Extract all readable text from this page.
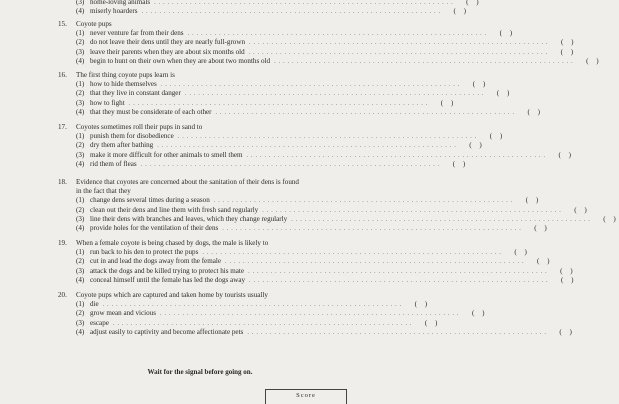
(3) home-loving animals ...................................................................	( )
(4) miserly hoarders ...................................................................	( )
15. Coyote pups
(1) never venture far from their dens ...................................................................	( )
(2) do not leave their dens until they are nearly full-grown ...................................................................	( )
(3) leave their parents when they are about six months old ...................................................................	( )
(4) begin to hunt on their own when they are about two months old ...................................................................	( )
16. The first thing coyote pups learn is
(1) how to hide themselves ...................................................................	( )
(2) that they live in constant danger ...................................................................	( )
(3) how to fight ...................................................................	( )
(4) that they must be considerate of each other ...................................................................	( )
17. Coyotes sometimes roll their pups in sand to
(1) punish them for disobedience ...................................................................	( )
(2) dry them after bathing ...................................................................	( )
(3) make it more difficult for other animals to smell them ...................................................................	( )
(4) rid them of fleas ...................................................................	( )
18. Evidence that coyotes are concerned about the sanitation of their dens is found
in the fact that they
(1) change dens several times during a season ...................................................................	( )
(2) clean out their dens and line them with fresh sand regularly ...................................................................	( )
(3) line their dens with branches and leaves, which they change regularly ...................................................................	( )
(4) provide holes for the ventilation of their dens ...................................................................	( )
19. When a female coyote is being chased by dogs, the male is likely to
(1) run back to his den to protect the pups ...................................................................	( )
(2) cut in and lead the dogs away from the female ...................................................................	( )
(3) attack the dogs and be killed trying to protect his mate ...................................................................	( )
(4) conceal himself until the female has led the dogs away ...................................................................	( )
20. Coyote pups which are captured and taken home by tourists usually
(1) die ...................................................................	( )
(2) grow mean and vicious ...................................................................	( )
(3) escape ...................................................................	( )
(4) adjust easily to captivity and become affectionate pets ...................................................................	( )
Wait for the signal before going on.
Score
